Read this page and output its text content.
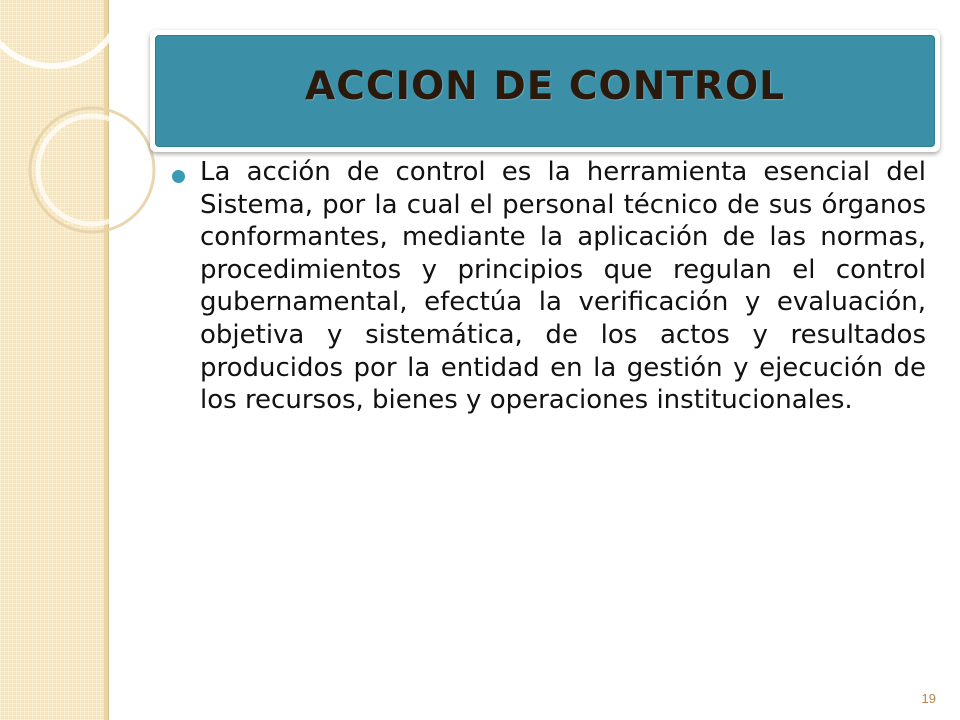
ACCION DE CONTROL

La acción de control es la herramienta esencial del Sistema, por la cual el personal técnico de sus órganos conformantes, mediante la aplicación de las normas, procedimientos y principios que regulan el control gubernamental, efectúa la verificación y evaluación, objetiva y sistemática, de los actos y resultados producidos por la entidad en la gestión y ejecución de los recursos, bienes y operaciones institucionales.

19
